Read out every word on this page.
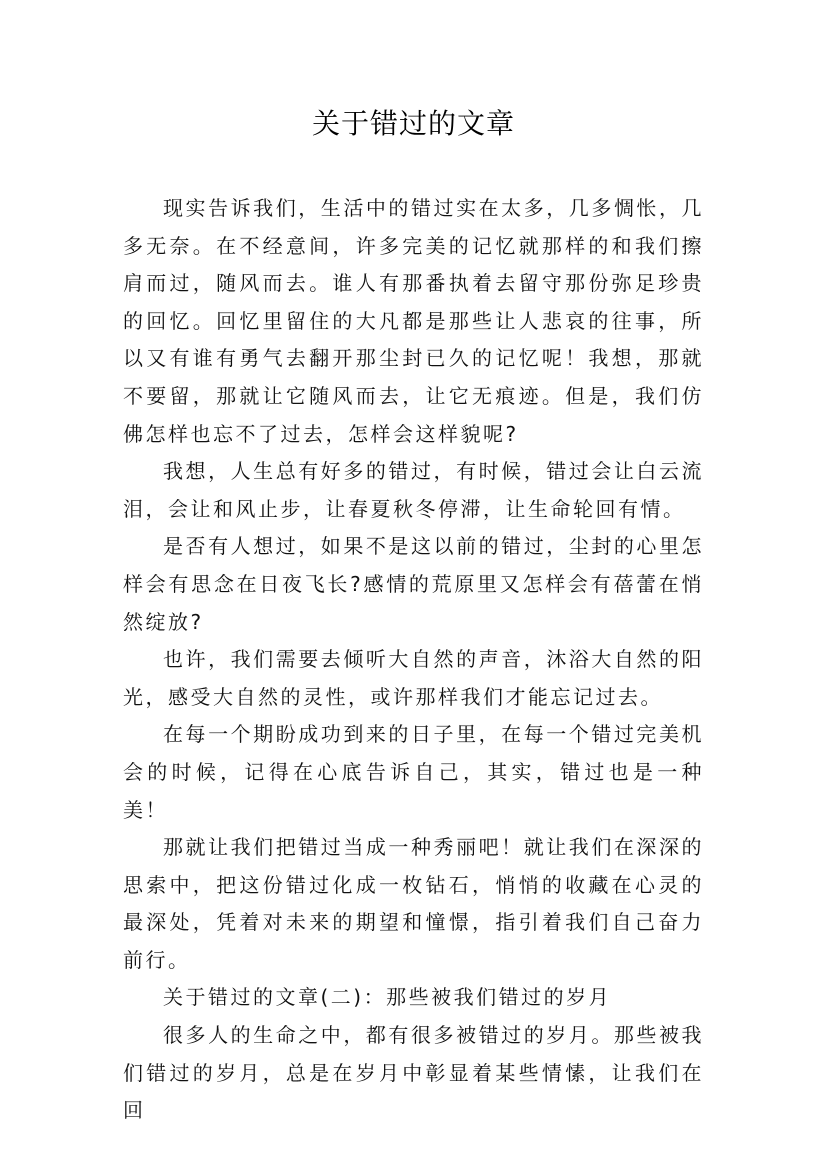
关于错过的文章

现实告诉我们，生活中的错过实在太多，几多惆怅，几多无奈。在不经意间，许多完美的记忆就那样的和我们擦肩而过，随风而去。谁人有那番执着去留守那份弥足珍贵的回忆。回忆里留住的大凡都是那些让人悲哀的往事，所以又有谁有勇气去翻开那尘封已久的记忆呢！我想，那就不要留，那就让它随风而去，让它无痕迹。但是，我们仿佛怎样也忘不了过去，怎样会这样貌呢?

我想，人生总有好多的错过，有时候，错过会让白云流泪，会让和风止步，让春夏秋冬停滞，让生命轮回有情。

是否有人想过，如果不是这以前的错过，尘封的心里怎样会有思念在日夜飞长?感情的荒原里又怎样会有蓓蕾在悄然绽放?

也许，我们需要去倾听大自然的声音，沐浴大自然的阳光，感受大自然的灵性，或许那样我们才能忘记过去。

在每一个期盼成功到来的日子里，在每一个错过完美机会的时候，记得在心底告诉自己，其实，错过也是一种美！

那就让我们把错过当成一种秀丽吧！就让我们在深深的思索中，把这份错过化成一枚钻石，悄悄的收藏在心灵的最深处，凭着对未来的期望和憧憬，指引着我们自己奋力前行。

关于错过的文章(二)：那些被我们错过的岁月

很多人的生命之中，都有很多被错过的岁月。那些被我们错过的岁月，总是在岁月中彰显着某些情愫，让我们在回
